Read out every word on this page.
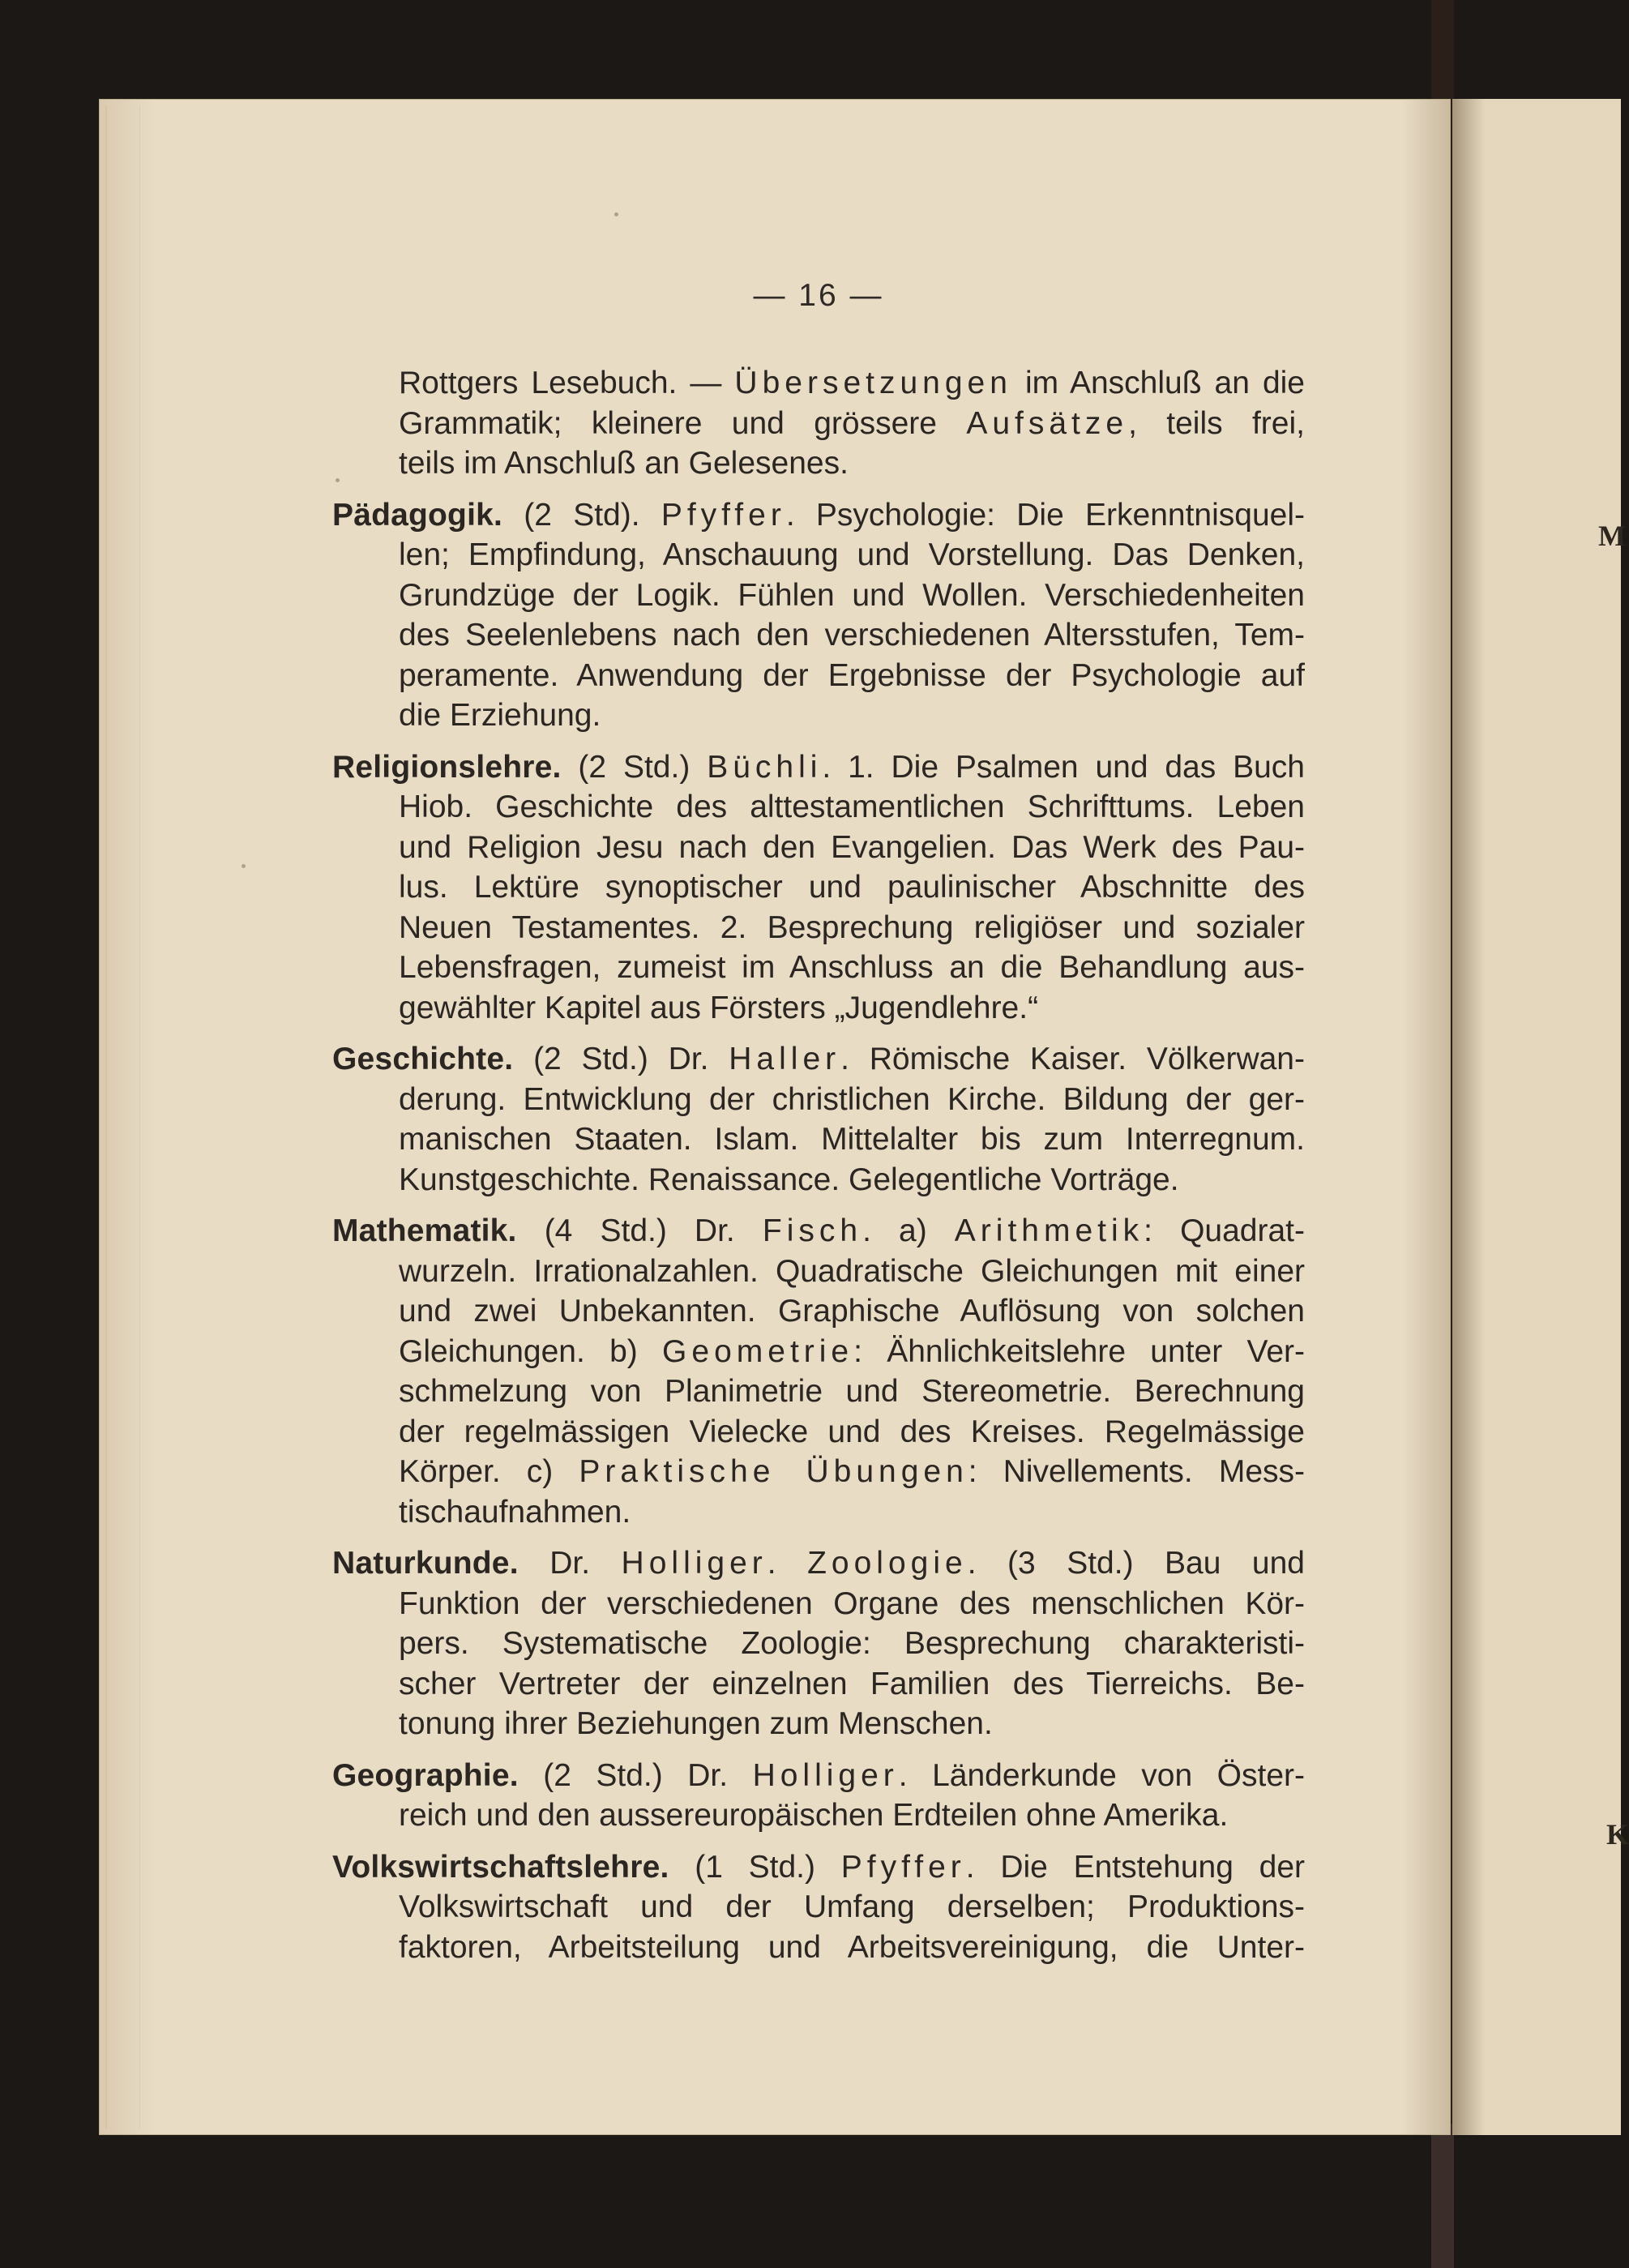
M
K
— 16 —
Rottgers Lesebuch. — Übersetzungen im Anschluß an die
Grammatik; kleinere und grössere Aufsätze, teils frei,
teils im Anschluß an Gelesenes.
Pädagogik. (2 Std). Pfyffer. Psychologie: Die Erkenntnisquel-
len; Empfindung, Anschauung und Vorstellung. Das Denken,
Grundzüge der Logik. Fühlen und Wollen. Verschiedenheiten
des Seelenlebens nach den verschiedenen Altersstufen, Tem-
peramente. Anwendung der Ergebnisse der Psychologie auf
die Erziehung.
Religionslehre. (2 Std.) Büchli. 1. Die Psalmen und das Buch
Hiob. Geschichte des alttestamentlichen Schrifttums. Leben
und Religion Jesu nach den Evangelien. Das Werk des Pau-
lus. Lektüre synoptischer und paulinischer Abschnitte des
Neuen Testamentes. 2. Besprechung religiöser und sozialer
Lebensfragen, zumeist im Anschluss an die Behandlung aus-
gewählter Kapitel aus Försters „Jugendlehre.“
Geschichte. (2 Std.) Dr. Haller. Römische Kaiser. Völkerwan-
derung. Entwicklung der christlichen Kirche. Bildung der ger-
manischen Staaten. Islam. Mittelalter bis zum Interregnum.
Kunstgeschichte. Renaissance. Gelegentliche Vorträge.
Mathematik. (4 Std.) Dr. Fisch. a) Arithmetik: Quadrat-
wurzeln. Irrationalzahlen. Quadratische Gleichungen mit einer
und zwei Unbekannten. Graphische Auflösung von solchen
Gleichungen. b) Geometrie: Ähnlichkeitslehre unter Ver-
schmelzung von Planimetrie und Stereometrie. Berechnung
der regelmässigen Vielecke und des Kreises. Regelmässige
Körper. c) Praktische Übungen: Nivellements. Mess-
tischaufnahmen.
Naturkunde. Dr. Holliger. Zoologie. (3 Std.) Bau und
Funktion der verschiedenen Organe des menschlichen Kör-
pers. Systematische Zoologie: Besprechung charakteristi-
scher Vertreter der einzelnen Familien des Tierreichs. Be-
tonung ihrer Beziehungen zum Menschen.
Geographie. (2 Std.) Dr. Holliger. Länderkunde von Öster-
reich und den aussereuropäischen Erdteilen ohne Amerika.
Volkswirtschaftslehre. (1 Std.) Pfyffer. Die Entstehung der
Volkswirtschaft und der Umfang derselben; Produktions-
faktoren, Arbeitsteilung und Arbeitsvereinigung, die Unter-
